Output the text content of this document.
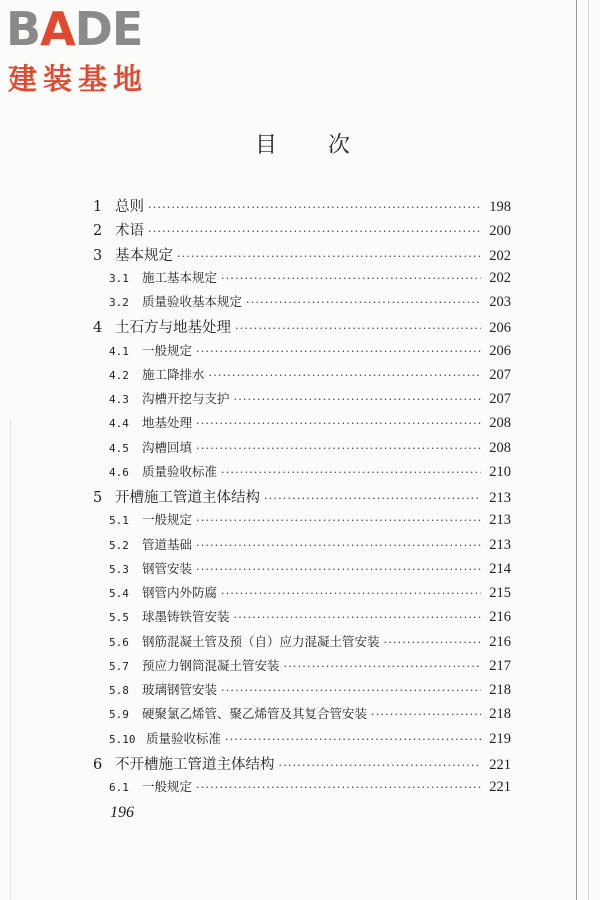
BADE
建装基地
目 次
1 总则 ·····	198
2 术语 ·····	200
3 基本规定 ·····	202
3.1	施工基本规定 ·····	202
3.2	质量验收基本规定 ·····	203
4 土石方与地基处理 ·····	206
4.1	一般规定 ·····	206
4.2	施工降排水 ·····	207
4.3	沟槽开挖与支护 ·····	207
4.4	地基处理 ·····	208
4.5	沟槽回填 ·····	208
4.6	质量验收标准 ·····	210
5 开槽施工管道主体结构 ·····	213
5.1	一般规定 ·····	213
5.2	管道基础 ·····	213
5.3	钢管安装 ·····	214
5.4	钢管内外防腐 ·····	215
5.5	球墨铸铁管安装 ·····	216
5.6	钢筋混凝土管及预（自）应力混凝土管安装 ·····	216
5.7	预应力钢筒混凝土管安装 ·····	217
5.8	玻璃钢管安装 ·····	218
5.9	硬聚氯乙烯管、聚乙烯管及其复合管安装 ·····	218
5.10 质量验收标准 ·····	219
6 不开槽施工管道主体结构 ·····	221
6.1	一般规定 ·····	221
196
